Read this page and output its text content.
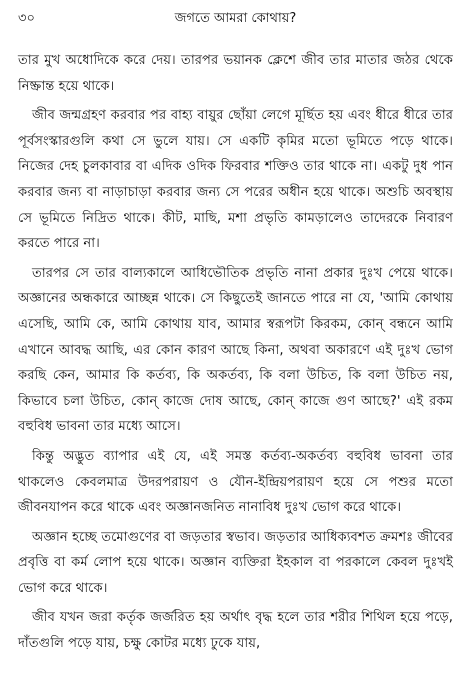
৩০	জগতে আমরা কোথায়?

তার মুখ অধোদিকে করে দেয়। তারপর ভয়ানক ক্লেশে জীব তার মাতার জঠর থেকে নিষ্ক্রান্ত হয়ে থাকে।

জীব জন্মগ্রহণ করবার পর বাহ্য বায়ুর ছোঁয়া লেগে মূর্ছিত হয় এবং ধীরে ধীরে তার পূর্বসংস্কারগুলি কথা সে ভুলে যায়। সে একটি কৃমির মতো ভূমিতে পড়ে থাকে। নিজের দেহ চুলকাবার বা এদিক ওদিক ফিরবার শক্তিও তার থাকে না। একটু দুধ পান করবার জন্য বা নাড়াচাড়া করবার জন্য সে পরের অধীন হয়ে থাকে। অশুচি অবস্থায় সে ভূমিতে নিদ্রিত থাকে। কীট, মাছি, মশা প্রভৃতি কামড়ালেও তাদেরকে নিবারণ করতে পারে না।

তারপর সে তার বাল্যকালে আধিভৌতিক প্রভৃতি নানা প্রকার দুঃখ পেয়ে থাকে। অজ্ঞানের অন্ধকারে আচ্ছন্ন থাকে। সে কিছুতেই জানতে পারে না যে, 'আমি কোথায় এসেছি, আমি কে, আমি কোথায় যাব, আমার স্বরূপটা কিরকম, কোন্ বন্ধনে আমি এখানে আবদ্ধ আছি, এর কোন কারণ আছে কিনা, অথবা অকারণে এই দুঃখ ভোগ করছি কেন, আমার কি কর্তব্য, কি অকর্তব্য, কি বলা উচিত, কি বলা উচিত নয়, কিভাবে চলা উচিত, কোন্ কাজে দোষ আছে, কোন্ কাজে গুণ আছে?' এই রকম বহুবিধ ভাবনা তার মধ্যে আসে।

কিন্তু অদ্ভুত ব্যাপার এই যে, এই সমস্ত কর্তব্য-অকর্তব্য বহুবিধ ভাবনা তার থাকলেও কেবলমাত্র উদরপরায়ণ ও যৌন-ইন্দ্রিয়পরায়ণ হয়ে সে পশুর মতো জীবনযাপন করে থাকে এবং অজ্ঞানজনিত নানাবিধ দুঃখ ভোগ করে থাকে।

অজ্ঞান হচ্ছে তমোগুণের বা জড়তার স্বভাব। জড়তার আধিক্যবশত ক্রমশঃ জীবের প্রবৃত্তি বা কর্ম লোপ হয়ে থাকে। অজ্ঞান ব্যক্তিরা ইহকাল বা পরকালে কেবল দুঃখই ভোগ করে থাকে।

জীব যখন জরা কর্তৃক জর্জরিত হয় অর্থাৎ বৃদ্ধ হলে তার শরীর শিথিল হয়ে পড়ে, দাঁতগুলি পড়ে যায়, চক্ষু কোটর মধ্যে ঢুকে যায়,
